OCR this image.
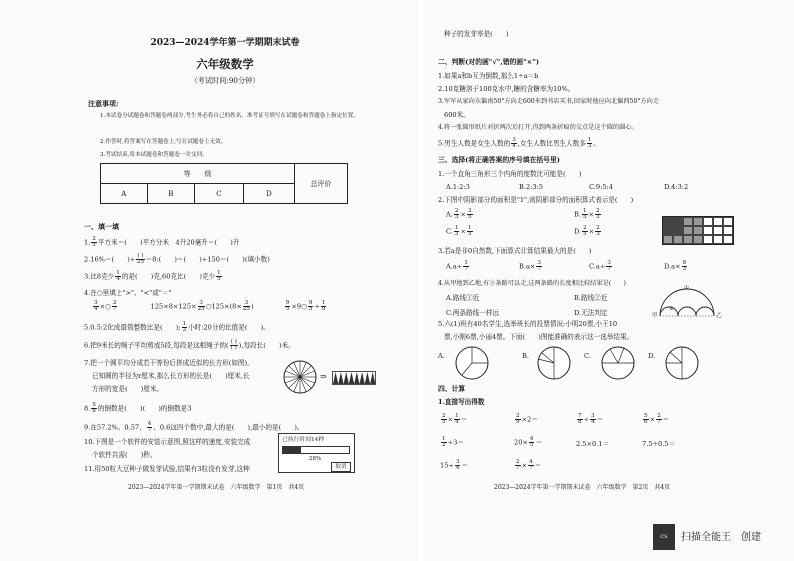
2023—2024学年第一学期期末试卷
六年级数学
（考试时间:90分钟）
注意事项:
1.本试卷分试题卷和答题卷两部分,考生务必将自己的姓名、准考证号填写在试题卷和答题卷上指定位置。
2.作答时,将答案写在答题卷上,写在试题卷上无效。
3.考试结束,将本试题卷和答题卷一并交回。
等　　级				总评价
A	B	C	D	
一、填一填
1. $\frac{2}{5}$ 平方米＝(　　)平方分米　4升20毫升＝(　　)升
2.16%＝(　　)÷ $\frac{( )}{25}$ ＝8:(　　)＝(　　)÷150＝(　　)(填小数)
3.比8克少 $\frac{1}{4}$ 的是(　　)克,60克比(　　)克少 $\frac{1}{5}$
4.在○里填上">"、"<"或"＝"
$\frac{3}{4}$ ×○ $\frac{2}{7}$	$125\times 8\times 125\times \frac{3}{25}$ ○125×(8× $\frac{3}{25}$ )	$\frac{9}{5}$ ×9○ $\frac{9}{5} \div \frac{1}{9}$
5.0.5:2化成最简整数比是(　　); $\frac{1}{3}$ 小时:20分的比值是(　　)。
6.把9米长的绳子平均剪成5段,每段是这根绳子的( $\frac{( )}{( )}$ ),每段长(　　)米。
7.把一个圆平均分成若干等份后拼成近似的长方形(如图),
已知圆的半径为r厘米,那么长方形的长是(　　)厘米,长
方形的宽是(　　)厘米。
⇒
8. $\frac{5}{8}$ 的倒数是(　　)(　　)的倒数是3
9.在57.2%、0.57、 $\frac{4}{7}$ 、0.6这四个数中,最大的是(　　),最小的是(　　)。
10.下图是一个软件的安装示意图,照这样的速度,安装完成
个软件共需(　　)秒。
11.用50粒大豆种子做发芽试验,结果有3粒没有发芽,这种
已执行时间14秒
28%
取消
2023—2024学年第一学期期末试卷　六年级数学　第1页　共4页
种子的发芽率是(　　)
二、判断(对的画"√",错的画"×")
1.如果a和b互为倒数,那么1÷a＝b
2.10克糖溶于100克水中,糖的含糖率为10%。
3.军军从家向东偏南50°方向走600米到书店买书,回家时他应向北偏西50°方向走
600米。
4.将一张圆形纸片对折两次后打开,得到两条折痕的交点是这个圆的圆心。
5.男生人数是女生人数的 $\frac{3}{4}$ ,女生人数比男生人数多 $\frac{1}{3}$ 。
三、选择(将正确答案的序号填在括号里)
1.一个直角三角形三个内角的度数比可能是(　　)
A.1:2:3	B.2:3:5	C.9:5:4	D.4:3:2
2.下图中阴影部分的面积是"1",则阴影部分的面积算式表示是(　　)
A. $\frac{2}{3} \times \frac{3}{5}$	B. $\frac{1}{5} \times \frac{2}{3}$
C. $\frac{1}{3} \times \frac{1}{5}$	D. $\frac{2}{5} \times \frac{2}{3}$
3.若a是非0自然数,下面算式计算结果最大的是(　　)
$A.a\div \frac{1}{7}$	$B.a\times \frac{3}{7}$	$C.a\div \frac{3}{7}$	$D.a\times \frac{8}{3}$
4.从甲地到乙地,有③条路可以走,这两条路的长度相比较结果是(　　)
A.路线①近	B.路线②近
C.两条路线一样远	D.无法判定	甲	乙
①
②
5.六(1)班有40名学生,选举班长的投票情况:小明20票,小王10
票,小刚6票,小丽4票。下面(　　)图能准确的表示这一选举结果。
A.	B.	C.	D.
四、计算
1.直接写出得数
$\frac{2}{5} \times \frac{1}{4}$ ＝	$\frac{2}{9} \times 2=$	$\frac{7}{8} \div \frac{3}{4}$ ＝	$\frac{5}{6} \times \frac{2}{7}$ ＝
$\frac{1}{2} \div 3=$	$20\times \frac{4}{5}$ ＝	2.5×0.1＝	7.5÷0.5＝
$15\div \frac{3}{4}$ ＝	$\frac{2}{7} \times \frac{4}{7}$ ＝
2023—2024学年第一学期期末试卷　六年级数学　第2页　共4页
CS	扫描全能王　创建
